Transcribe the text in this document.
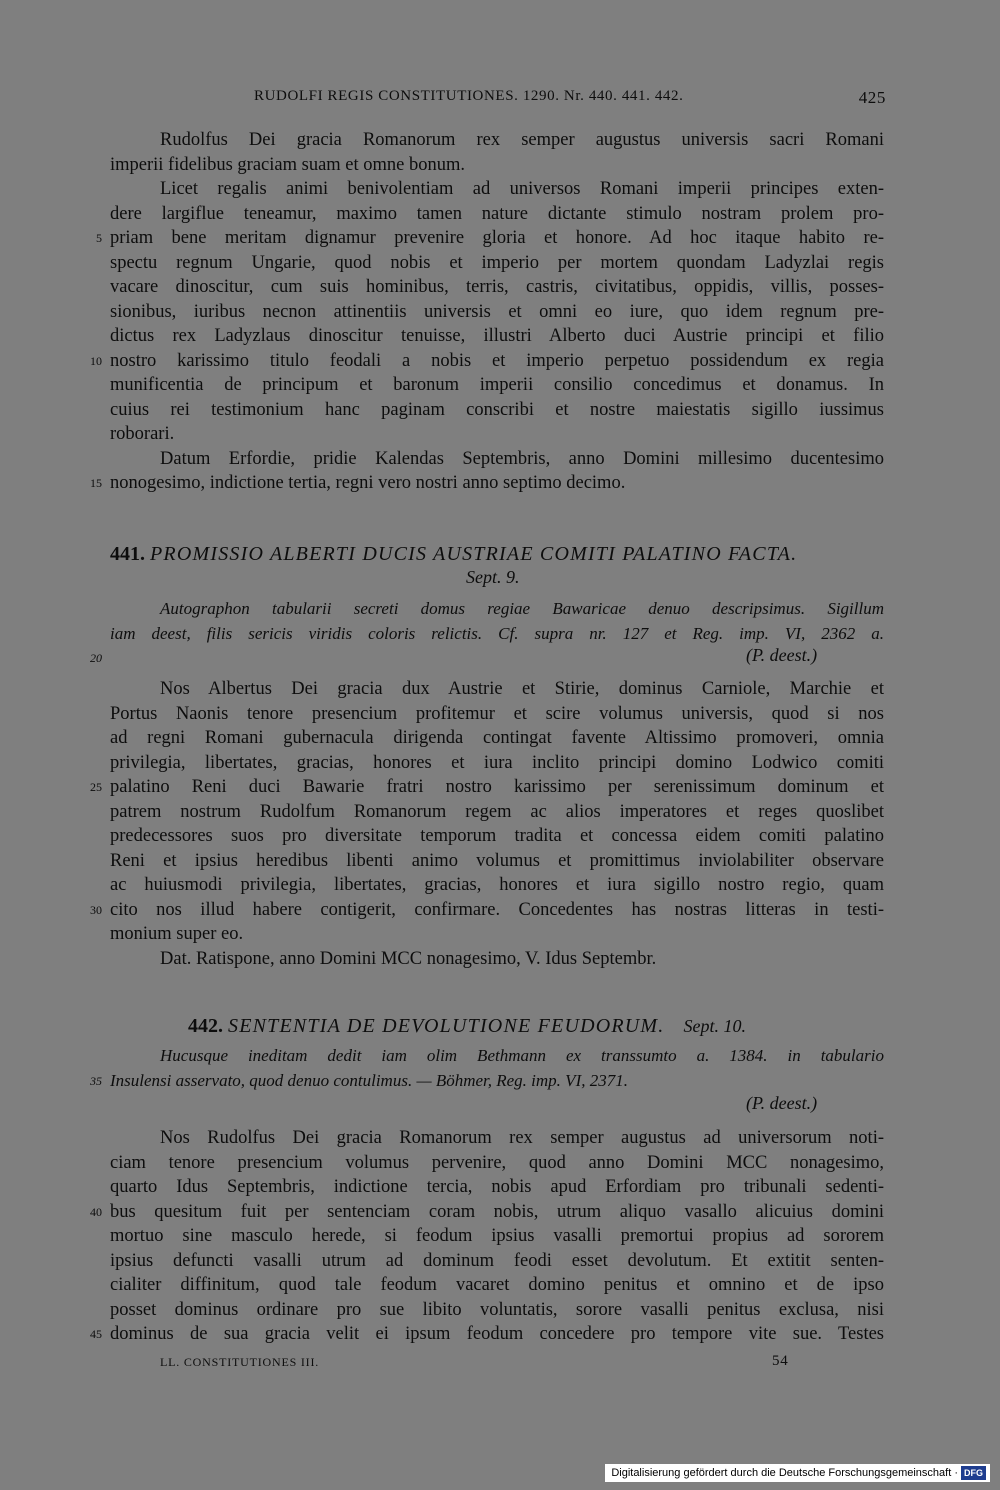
RUDOLFI REGIS CONSTITUTIONES. 1290. Nr. 440. 441. 442.	425
Rudolfus Dei gracia Romanorum rex semper augustus universis sacri Romani
imperii fidelibus graciam suam et omne bonum.
Licet regalis animi benivolentiam ad universos Romani imperii principes exten-
dere largiflue teneamur, maximo tamen nature dictante stimulo nostram prolem pro-
5 priam bene meritam dignamur prevenire gloria et honore. Ad hoc itaque habito re-
spectu regnum Ungarie, quod nobis et imperio per mortem quondam Ladyzlai regis
vacare dinoscitur, cum suis hominibus, terris, castris, civitatibus, oppidis, villis, posses-
sionibus, iuribus necnon attinentiis universis et omni eo iure, quo idem regnum pre-
dictus rex Ladyzlaus dinoscitur tenuisse, illustri Alberto duci Austrie principi et filio
10 nostro karissimo titulo feodali a nobis et imperio perpetuo possidendum ex regia
munificentia de principum et baronum imperii consilio concedimus et donamus. In
cuius rei testimonium hanc paginam conscribi et nostre maiestatis sigillo iussimus
roborari.
Datum Erfordie, pridie Kalendas Septembris, anno Domini millesimo ducentesimo
15 nonogesimo, indictione tertia, regni vero nostri anno septimo decimo.
441. PROMISSIO ALBERTI DUCIS AUSTRIAE COMITI PALATINO FACTA.
Sept. 9.
Autographon tabularii secreti domus regiae Bawaricae denuo descripsimus. Sigillum
iam deest, filis sericis viridis coloris relictis. Cf. supra nr. 127 et Reg. imp. VI, 2362 a.
20	(P. deest.)
Nos Albertus Dei gracia dux Austrie et Stirie, dominus Carniole, Marchie et
Portus Naonis tenore presencium profitemur et scire volumus universis, quod si nos
ad regni Romani gubernacula dirigenda contingat favente Altissimo promoveri, omnia
privilegia, libertates, gracias, honores et iura inclito principi domino Lodwico comiti
25 palatino Reni duci Bawarie fratri nostro karissimo per serenissimum dominum et
patrem nostrum Rudolfum Romanorum regem ac alios imperatores et reges quoslibet
predecessores suos pro diversitate temporum tradita et concessa eidem comiti palatino
Reni et ipsius heredibus libenti animo volumus et promittimus inviolabiliter observare
ac huiusmodi privilegia, libertates, gracias, honores et iura sigillo nostro regio, quam
30 cito nos illud habere contigerit, confirmare. Concedentes has nostras litteras in testi-
monium super eo.
Dat. Ratispone, anno Domini MCC nonagesimo, V. Idus Septembr.
442. SENTENTIA DE DEVOLUTIONE FEUDORUM. Sept. 10.
Hucusque ineditam dedit iam olim Bethmann ex transsumto a. 1384. in tabulario
35 Insulensi asservato, quod denuo contulimus. — Böhmer, Reg. imp. VI, 2371.
(P. deest.)
Nos Rudolfus Dei gracia Romanorum rex semper augustus ad universorum noti-
ciam tenore presencium volumus pervenire, quod anno Domini MCC nonagesimo,
quarto Idus Septembris, indictione tercia, nobis apud Erfordiam pro tribunali sedenti-
40 bus quesitum fuit per sentenciam coram nobis, utrum aliquo vasallo alicuius domini
mortuo sine masculo herede, si feodum ipsius vasalli premortui propius ad sororem
ipsius defuncti vasalli utrum ad dominum feodi esset devolutum. Et extitit senten-
cialiter diffinitum, quod tale feodum vacaret domino penitus et omnino et de ipso
posset dominus ordinare pro sue libito voluntatis, sorore vasalli penitus exclusa, nisi
45 dominus de sua gracia velit ei ipsum feodum concedere pro tempore vite sue. Testes
LL. CONSTITUTIONES III.	54
Digitalisierung gefördert durch die Deutsche Forschungsgemeinschaft · DFG
